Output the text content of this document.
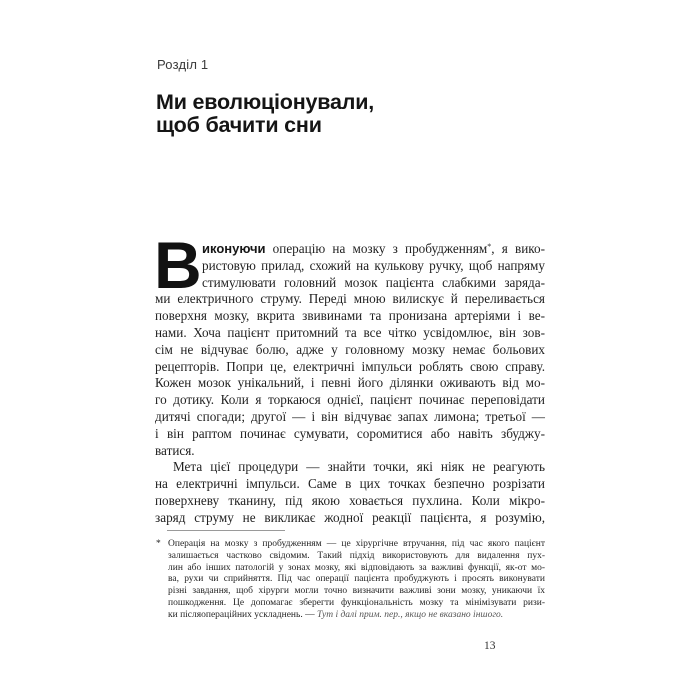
Розділ 1
Ми еволюціонували,
щоб бачити сни
В иконуючи операцію на мозку з пробудженням*, я вико-
ристовую прилад, схожий на кулькову ручку, щоб напряму
стимулювати головний мозок пацієнта слабкими заряда-
ми електричного струму. Переді мною вилискує й переливається
поверхня мозку, вкрита звивинами та пронизана артеріями і ве-
нами. Хоча пацієнт притомний та все чітко усвідомлює, він зов-
сім не відчуває болю, адже у головному мозку немає больових
рецепторів. Попри це, електричні імпульси роблять свою справу.
Кожен мозок унікальний, і певні його ділянки оживають від мо-
го дотику. Коли я торкаюся однієї, пацієнт починає переповідати
дитячі спогади; другої — і він відчуває запах лимона; третьої —
і він раптом починає сумувати, соромитися або навіть збуджу-
ватися.
Мета цієї процедури — знайти точки, які ніяк не реагують
на електричні імпульси. Саме в цих точках безпечно розрізати
поверхневу тканину, під якою ховається пухлина. Коли мікро-
заряд струму не викликає жодної реакції пацієнта, я розумію,
* Операція на мозку з пробудженням — це хірургічне втручання, під час якого пацієнт
залишається частково свідомим. Такий підхід використовують для видалення пух-
лин або інших патологій у зонах мозку, які відповідають за важливі функції, як-от мо-
ва, рухи чи сприйняття. Під час операції пацієнта пробуджують і просять виконувати
різні завдання, щоб хірурги могли точно визначити важливі зони мозку, уникаючи їх
пошкодження. Це допомагає зберегти функціональність мозку та мінімізувати ризи-
ки післяопераційних ускладнень. — Тут і далі прим. пер., якщо не вказано іншого.
13
